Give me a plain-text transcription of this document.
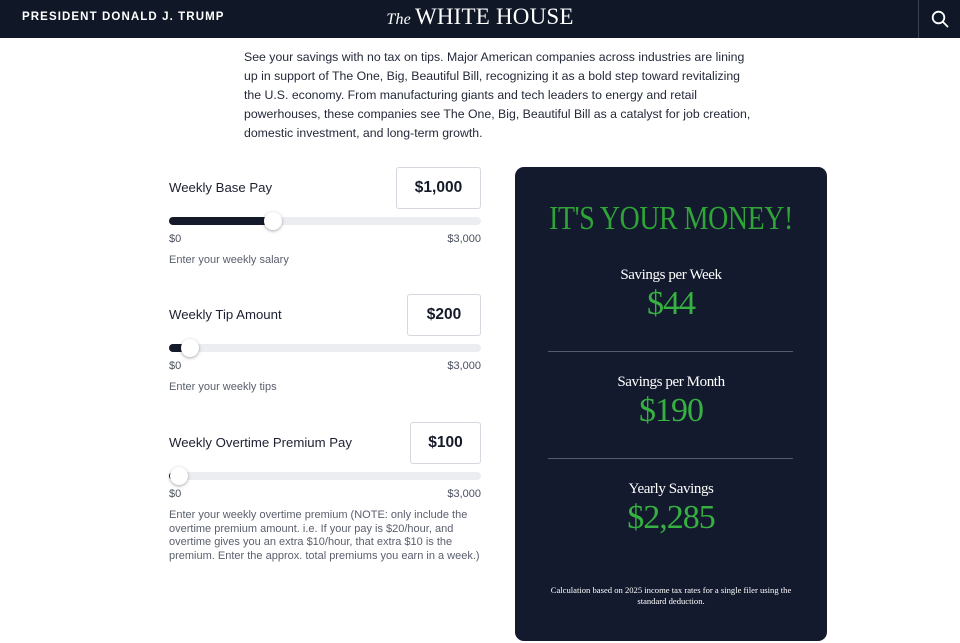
PRESIDENT DONALD J. TRUMP	The WHITE HOUSE

See your savings with no tax on tips. Major American companies across industries are lining up in support of The One, Big, Beautiful Bill, recognizing it as a bold step toward revitalizing the U.S. economy. From manufacturing giants and tech leaders to energy and retail powerhouses, these companies see The One, Big, Beautiful Bill as a catalyst for job creation, domestic investment, and long-term growth.

Weekly Base Pay	$1,000
$0	$3,000
Enter your weekly salary
Weekly Tip Amount	$200
$0	$3,000
Enter your weekly tips
Weekly Overtime Premium Pay	$100
$0	$3,000
Enter your weekly overtime premium (NOTE: only include the overtime premium amount. i.e. If your pay is $20/hour, and overtime gives you an extra $10/hour, that extra $10 is the premium. Enter the approx. total premiums you earn in a week.)
IT'S YOUR MONEY!
Savings per Week
$44
Savings per Month
$190
Yearly Savings
$2,285
Calculation based on 2025 income tax rates for a single filer using the standard deduction.
